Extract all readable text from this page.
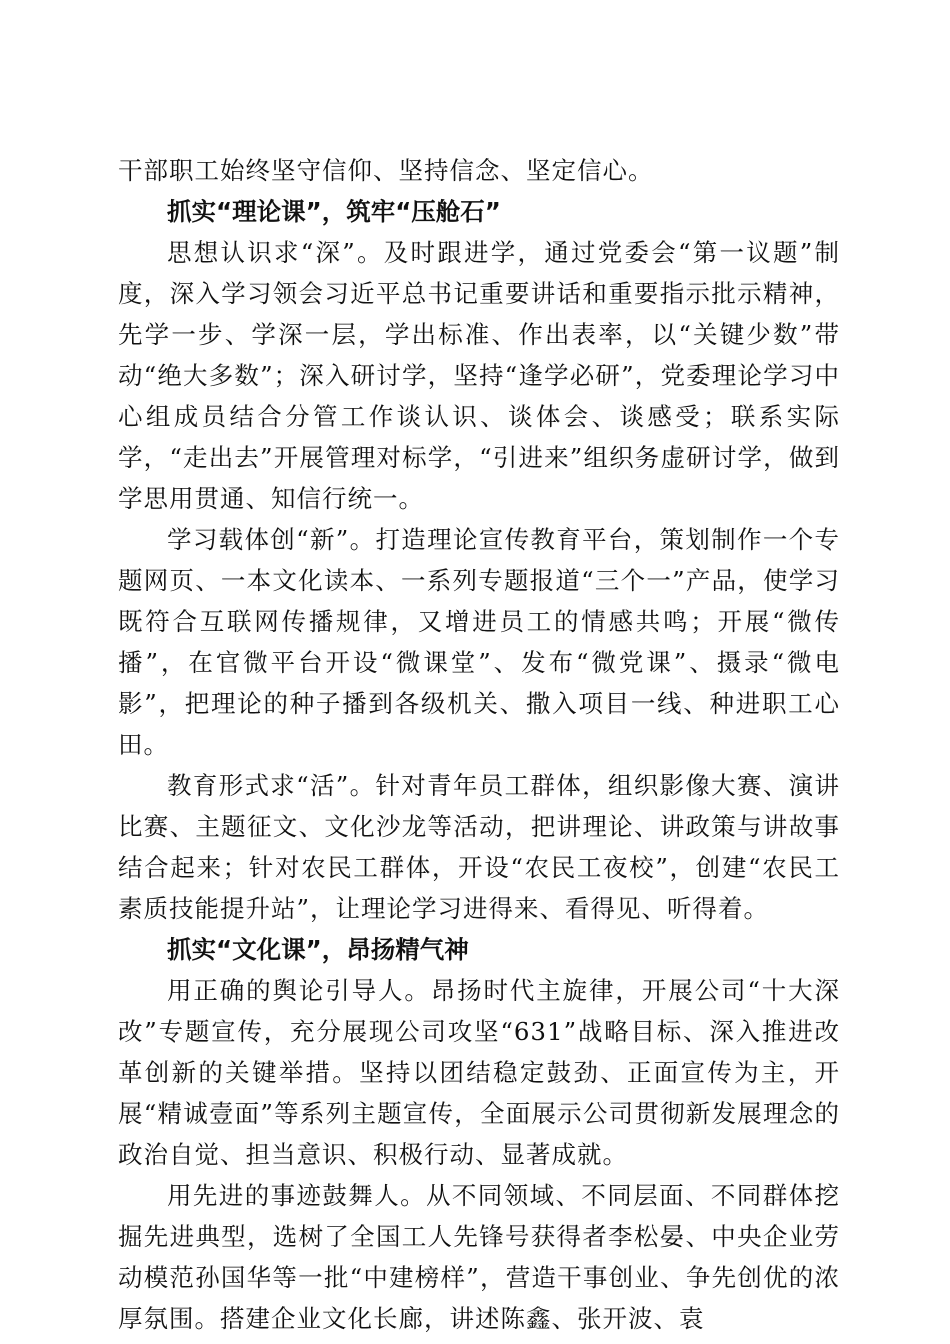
干部职工始终坚守信仰、坚持信念、坚定信心。

抓实“理论课”，筑牢“压舱石”

思想认识求“深”。及时跟进学，通过党委会“第一议题”制度，深入学习领会习近平总书记重要讲话和重要指示批示精神，先学一步、学深一层，学出标准、作出表率，以“关键少数”带动“绝大多数”；深入研讨学，坚持“逢学必研”，党委理论学习中心组成员结合分管工作谈认识、谈体会、谈感受；联系实际学，“走出去”开展管理对标学，“引进来”组织务虚研讨学，做到学思用贯通、知信行统一。

学习载体创“新”。打造理论宣传教育平台，策划制作一个专题网页、一本文化读本、一系列专题报道“三个一”产品，使学习既符合互联网传播规律，又增进员工的情感共鸣；开展“微传播”，在官微平台开设“微课堂”、发布“微党课”、摄录“微电影”，把理论的种子播到各级机关、撒入项目一线、种进职工心田。

教育形式求“活”。针对青年员工群体，组织影像大赛、演讲比赛、主题征文、文化沙龙等活动，把讲理论、讲政策与讲故事结合起来；针对农民工群体，开设“农民工夜校”，创建“农民工素质技能提升站”，让理论学习进得来、看得见、听得着。

抓实“文化课”，昂扬精气神

用正确的舆论引导人。昂扬时代主旋律，开展公司“十大深改”专题宣传，充分展现公司攻坚“631”战略目标、深入推进改革创新的关键举措。坚持以团结稳定鼓劲、正面宣传为主，开展“精诚壹面”等系列主题宣传，全面展示公司贯彻新发展理念的政治自觉、担当意识、积极行动、显著成就。

用先进的事迹鼓舞人。从不同领域、不同层面、不同群体挖掘先进典型，选树了全国工人先锋号获得者李松晏、中央企业劳动模范孙国华等一批“中建榜样”，营造干事创业、争先创优的浓厚氛围。搭建企业文化长廊，讲述陈鑫、张开波、袁
